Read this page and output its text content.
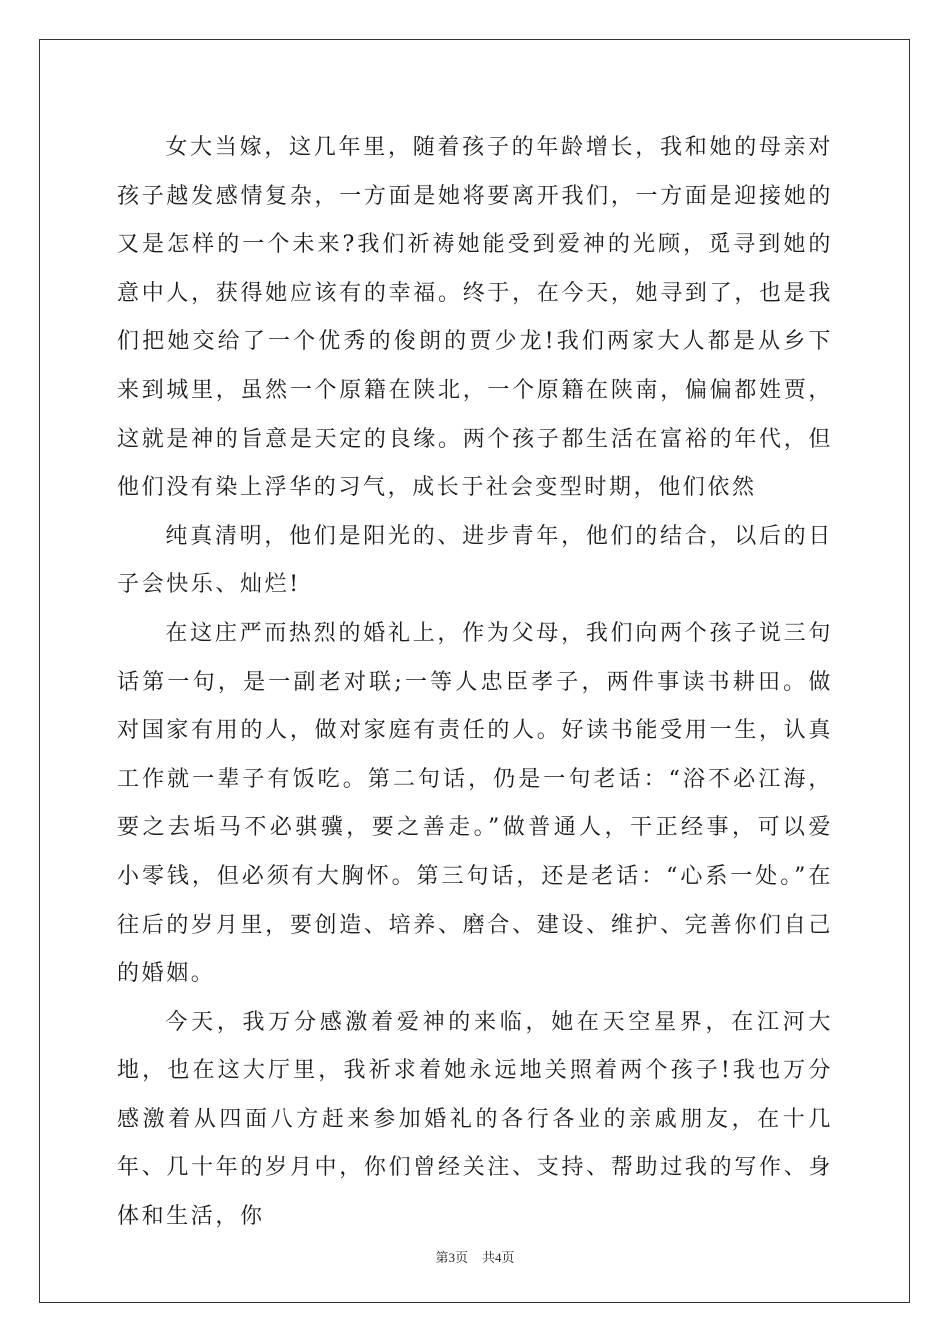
女大当嫁，这几年里，随着孩子的年龄增长，我和她的母亲对孩子越发感情复杂，一方面是她将要离开我们，一方面是迎接她的又是怎样的一个未来?我们祈祷她能受到爱神的光顾，觅寻到她的意中人，获得她应该有的幸福。终于，在今天，她寻到了，也是我们把她交给了一个优秀的俊朗的贾少龙!我们两家大人都是从乡下来到城里，虽然一个原籍在陕北，一个原籍在陕南，偏偏都姓贾，这就是神的旨意是天定的良缘。两个孩子都生活在富裕的年代，但他们没有染上浮华的习气，成长于社会变型时期，他们依然

纯真清明，他们是阳光的、进步青年，他们的结合，以后的日子会快乐、灿烂!

在这庄严而热烈的婚礼上，作为父母，我们向两个孩子说三句话第一句，是一副老对联;一等人忠臣孝子，两件事读书耕田。做对国家有用的人，做对家庭有责任的人。好读书能受用一生，认真工作就一辈子有饭吃。第二句话，仍是一句老话：“浴不必江海，要之去垢马不必骐骥，要之善走。”做普通人，干正经事，可以爱小零钱，但必须有大胸怀。第三句话，还是老话：“心系一处。”在往后的岁月里，要创造、培养、磨合、建设、维护、完善你们自己的婚姻。

今天，我万分感激着爱神的来临，她在天空星界，在江河大地，也在这大厅里，我祈求着她永远地关照着两个孩子!我也万分感激着从四面八方赶来参加婚礼的各行各业的亲戚朋友，在十几年、几十年的岁月中，你们曾经关注、支持、帮助过我的写作、身体和生活，你

第3页 共4页
